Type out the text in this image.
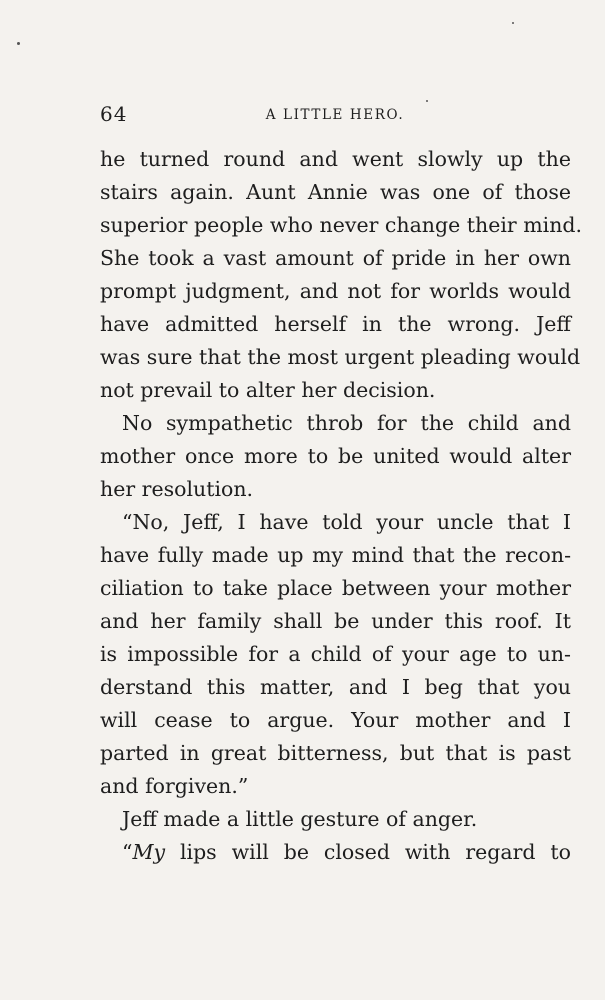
64	A LITTLE HERO.
he turned round and went slowly up the
stairs again. Aunt Annie was one of those
superior people who never change their mind.
She took a vast amount of pride in her own
prompt judgment, and not for worlds would
have admitted herself in the wrong. Jeff
was sure that the most urgent pleading would
not prevail to alter her decision.
No sympathetic throb for the child and
mother once more to be united would alter
her resolution.
“No, Jeff, I have told your uncle that I
have fully made up my mind that the recon-
ciliation to take place between your mother
and her family shall be under this roof. It
is impossible for a child of your age to un-
derstand this matter, and I beg that you
will cease to argue. Your mother and I
parted in great bitterness, but that is past
and forgiven.”
Jeff made a little gesture of anger.
“My lips will be closed with regard to
